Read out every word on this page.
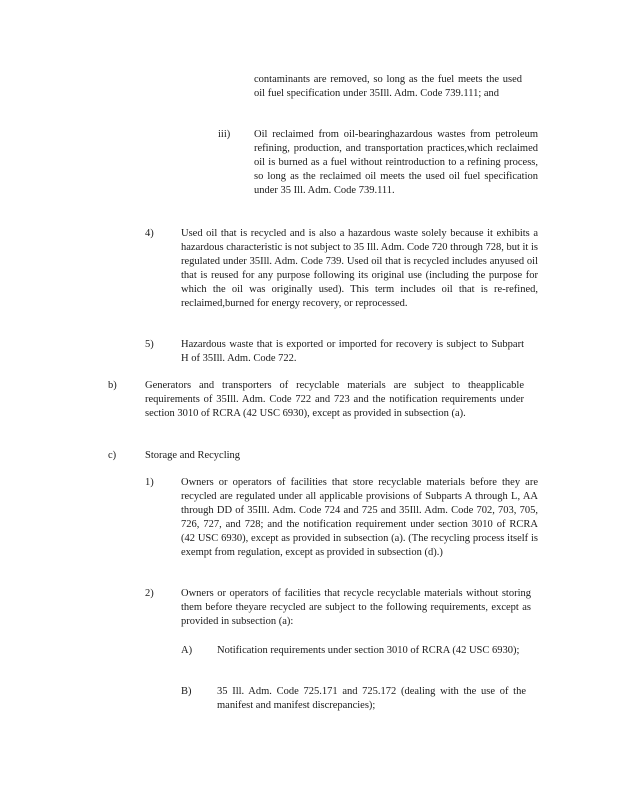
contaminants are removed, so long as the fuel meets the used oil fuel specification under 35Ill. Adm. Code 739.111; and
iii) Oil reclaimed from oil-bearinghazardous wastes from petroleum refining, production, and transportation practices,which reclaimed oil is burned as a fuel without reintroduction to a refining process, so long as the reclaimed oil meets the used oil fuel specification under 35 Ill. Adm. Code 739.111.
4)	Used oil that is recycled and is also a hazardous waste solely because it exhibits a hazardous characteristic is not subject to 35 Ill. Adm. Code 720 through 728, but it is regulated under 35Ill. Adm. Code 739. Used oil that is recycled includes anyused oil that is reused for any purpose following its original use (including the purpose for which the oil was originally used). This term includes oil that is re-refined, reclaimed,burned for energy recovery, or reprocessed.
5)	Hazardous waste that is exported or imported for recovery is subject to Subpart H of 35Ill. Adm. Code 722.
b)	Generators and transporters of recyclable materials are subject to theapplicable requirements of 35Ill. Adm. Code 722 and 723 and the notification requirements under section 3010 of RCRA (42 USC 6930), except as provided in subsection (a).
c)	Storage and Recycling
1)	Owners or operators of facilities that store recyclable materials before they are recycled are regulated under all applicable provisions of Subparts A through L, AA through DD of 35Ill. Adm. Code 724 and 725 and 35Ill. Adm. Code 702, 703, 705, 726, 727, and 728; and the notification requirement under section 3010 of RCRA (42 USC 6930), except as provided in subsection (a). (The recycling process itself is exempt from regulation, except as provided in subsection (d).)
2)	Owners or operators of facilities that recycle recyclable materials without storing them before theyare recycled are subject to the following requirements, except as provided in subsection (a):
A) Notification requirements under section 3010 of RCRA (42 USC 6930);
B) 35 Ill. Adm. Code 725.171 and 725.172 (dealing with the use of the manifest and manifest discrepancies);
